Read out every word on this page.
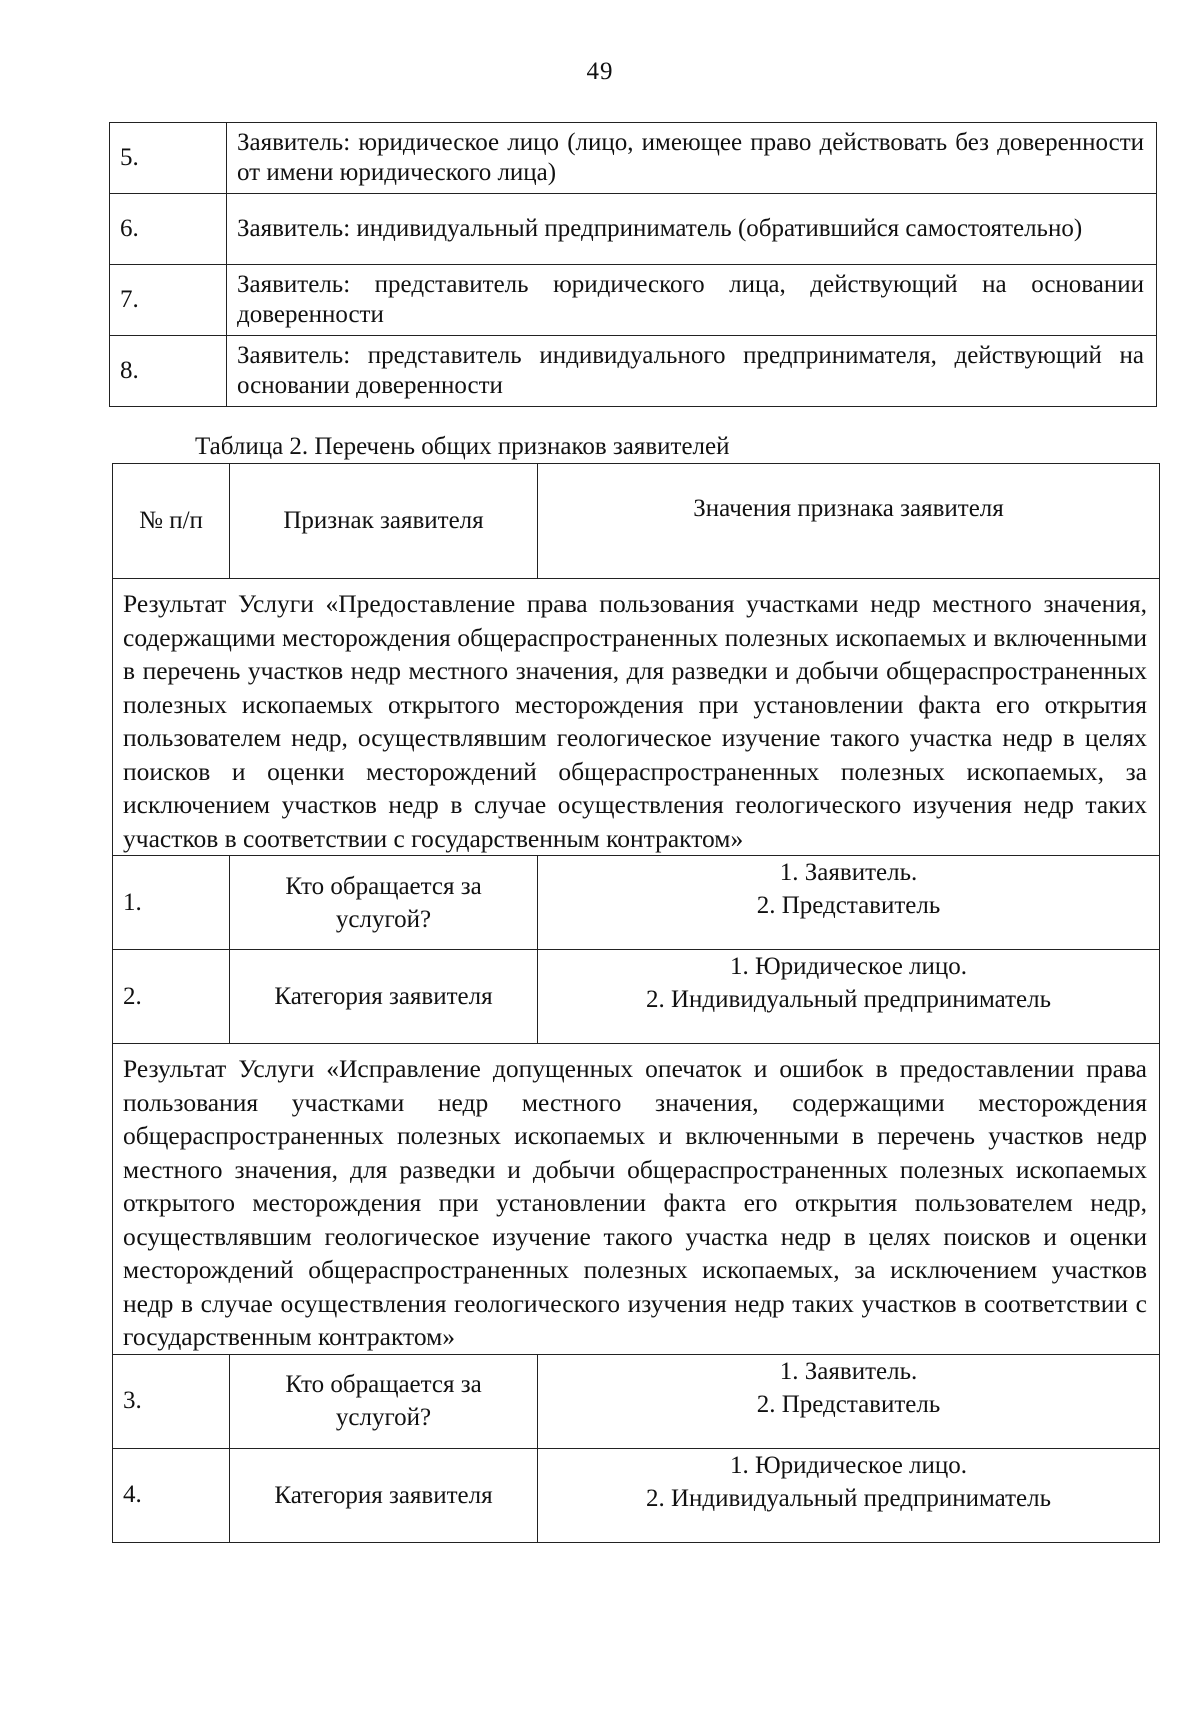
49
5.	Заявитель: юридическое лицо (лицо, имеющее право действовать без доверенности от имени юридического лица)
6.	Заявитель: индивидуальный предприниматель (обратившийся самостоятельно)
7.	Заявитель: представитель юридического лица, действующий на основании доверенности
8.	Заявитель: представитель индивидуального предпринимателя, действующий на основании доверенности
Таблица 2. Перечень общих признаков заявителей
№ п/п	Признак заявителя	Значения признака заявителя
Результат Услуги «Предоставление права пользования участками недр местного значения, содержащими месторождения общераспространенных полезных ископаемых и включенными в перечень участков недр местного значения, для разведки и добычи общераспространенных полезных ископаемых открытого месторождения при установлении факта его открытия пользователем недр, осуществлявшим геологическое изучение такого участка недр в целях поисков и оценки месторождений общераспространенных полезных ископаемых, за исключением участков недр в случае осуществления геологического изучения недр таких участков в соответствии с государственным контрактом»		
1.	Кто обращается за услугой?	1. Заявитель.
2. Представитель

2.	Категория заявителя	1. Юридическое лицо.
2. Индивидуальный предприниматель

Результат Услуги «Исправление допущенных опечаток и ошибок в предоставлении права пользования участками недр местного значения, содержащими месторождения общераспространенных полезных ископаемых и включенными в перечень участков недр местного значения, для разведки и добычи общераспространенных полезных ископаемых открытого месторождения при установлении факта его открытия пользователем недр, осуществлявшим геологическое изучение такого участка недр в целях поисков и оценки месторождений общераспространенных полезных ископаемых, за исключением участков недр в случае осуществления геологического изучения недр таких участков в соответствии с государственным контрактом»		
3.	Кто обращается за услугой?	1. Заявитель.
2. Представитель

4.	Категория заявителя	1. Юридическое лицо.
2. Индивидуальный предприниматель
